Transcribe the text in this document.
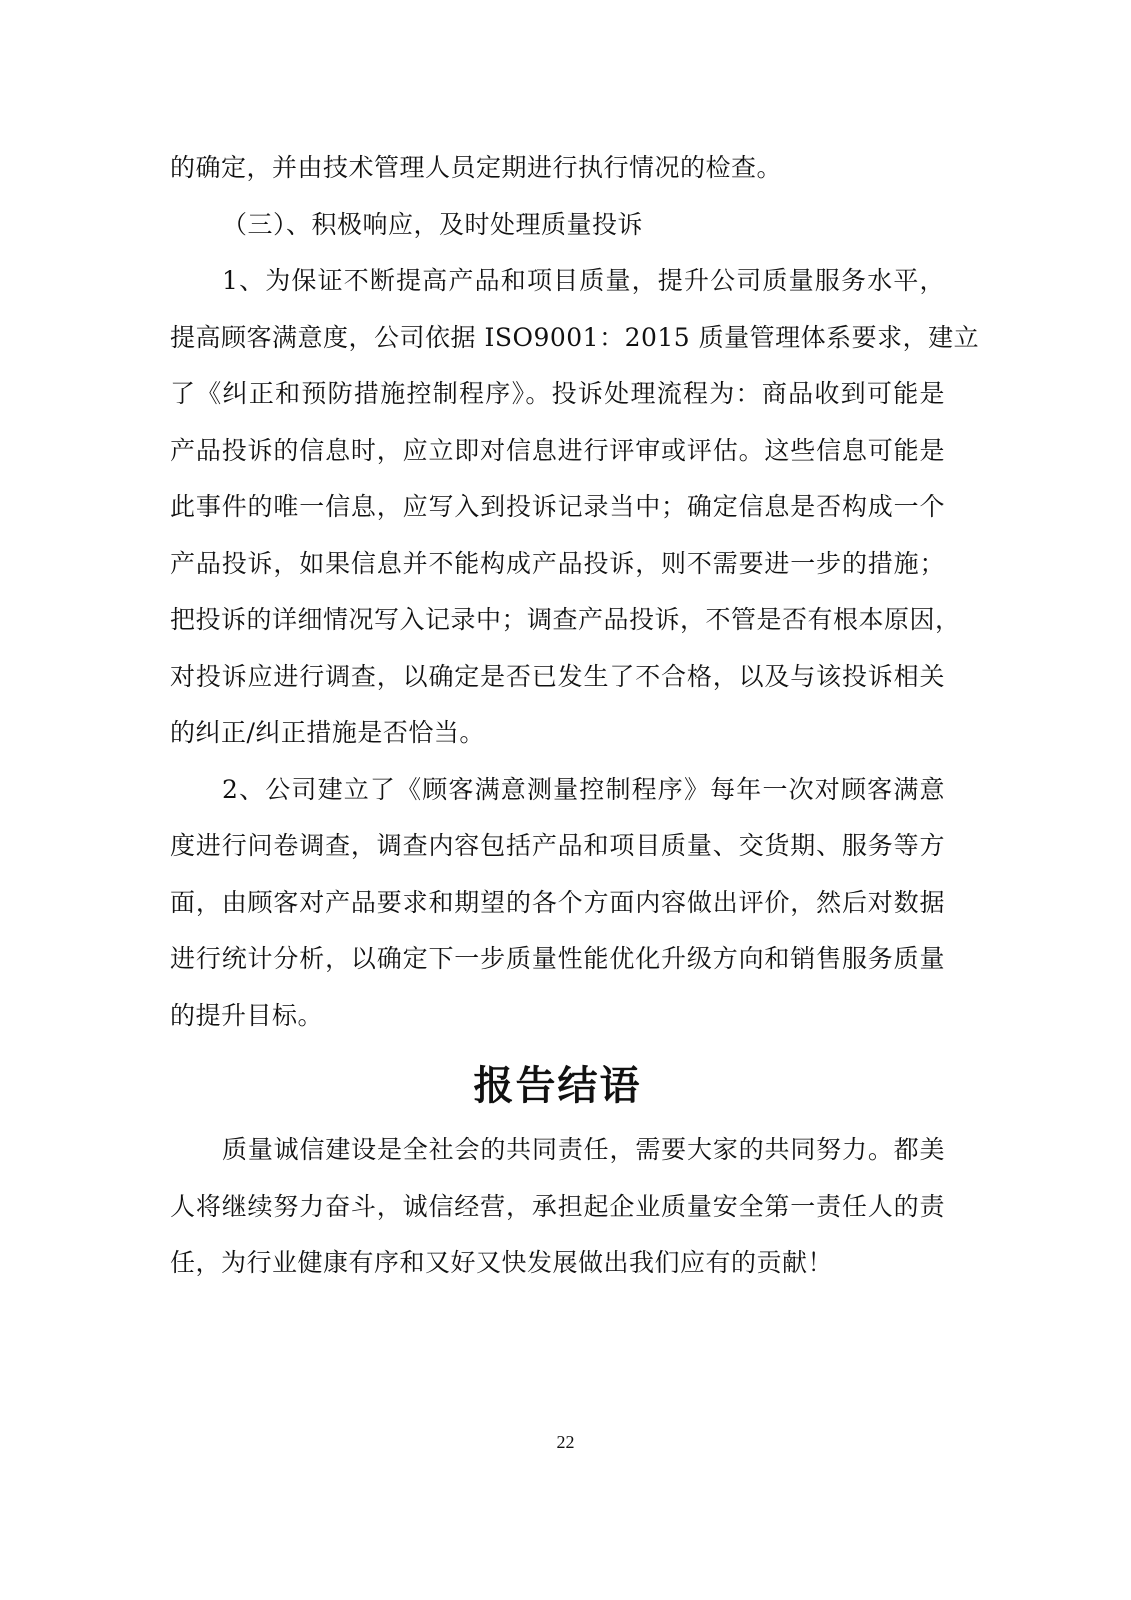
的确定，并由技术管理人员定期进行执行情况的检查。
（三）、积极响应，及时处理质量投诉
1、为保证不断提高产品和项目质量，提升公司质量服务水平，
提高顾客满意度，公司依据 ISO9001：2015 质量管理体系要求，建立
了《纠正和预防措施控制程序》。投诉处理流程为：商品收到可能是
产品投诉的信息时，应立即对信息进行评审或评估。这些信息可能是
此事件的唯一信息，应写入到投诉记录当中；确定信息是否构成一个
产品投诉，如果信息并不能构成产品投诉，则不需要进一步的措施；
把投诉的详细情况写入记录中；调查产品投诉，不管是否有根本原因，
对投诉应进行调查，以确定是否已发生了不合格，以及与该投诉相关
的纠正/纠正措施是否恰当。
2、公司建立了《顾客满意测量控制程序》每年一次对顾客满意
度进行问卷调查，调查内容包括产品和项目质量、交货期、服务等方
面，由顾客对产品要求和期望的各个方面内容做出评价，然后对数据
进行统计分析，以确定下一步质量性能优化升级方向和销售服务质量
的提升目标。
报告结语
质量诚信建设是全社会的共同责任，需要大家的共同努力。都美
人将继续努力奋斗，诚信经营，承担起企业质量安全第一责任人的责
任，为行业健康有序和又好又快发展做出我们应有的贡献！
22
